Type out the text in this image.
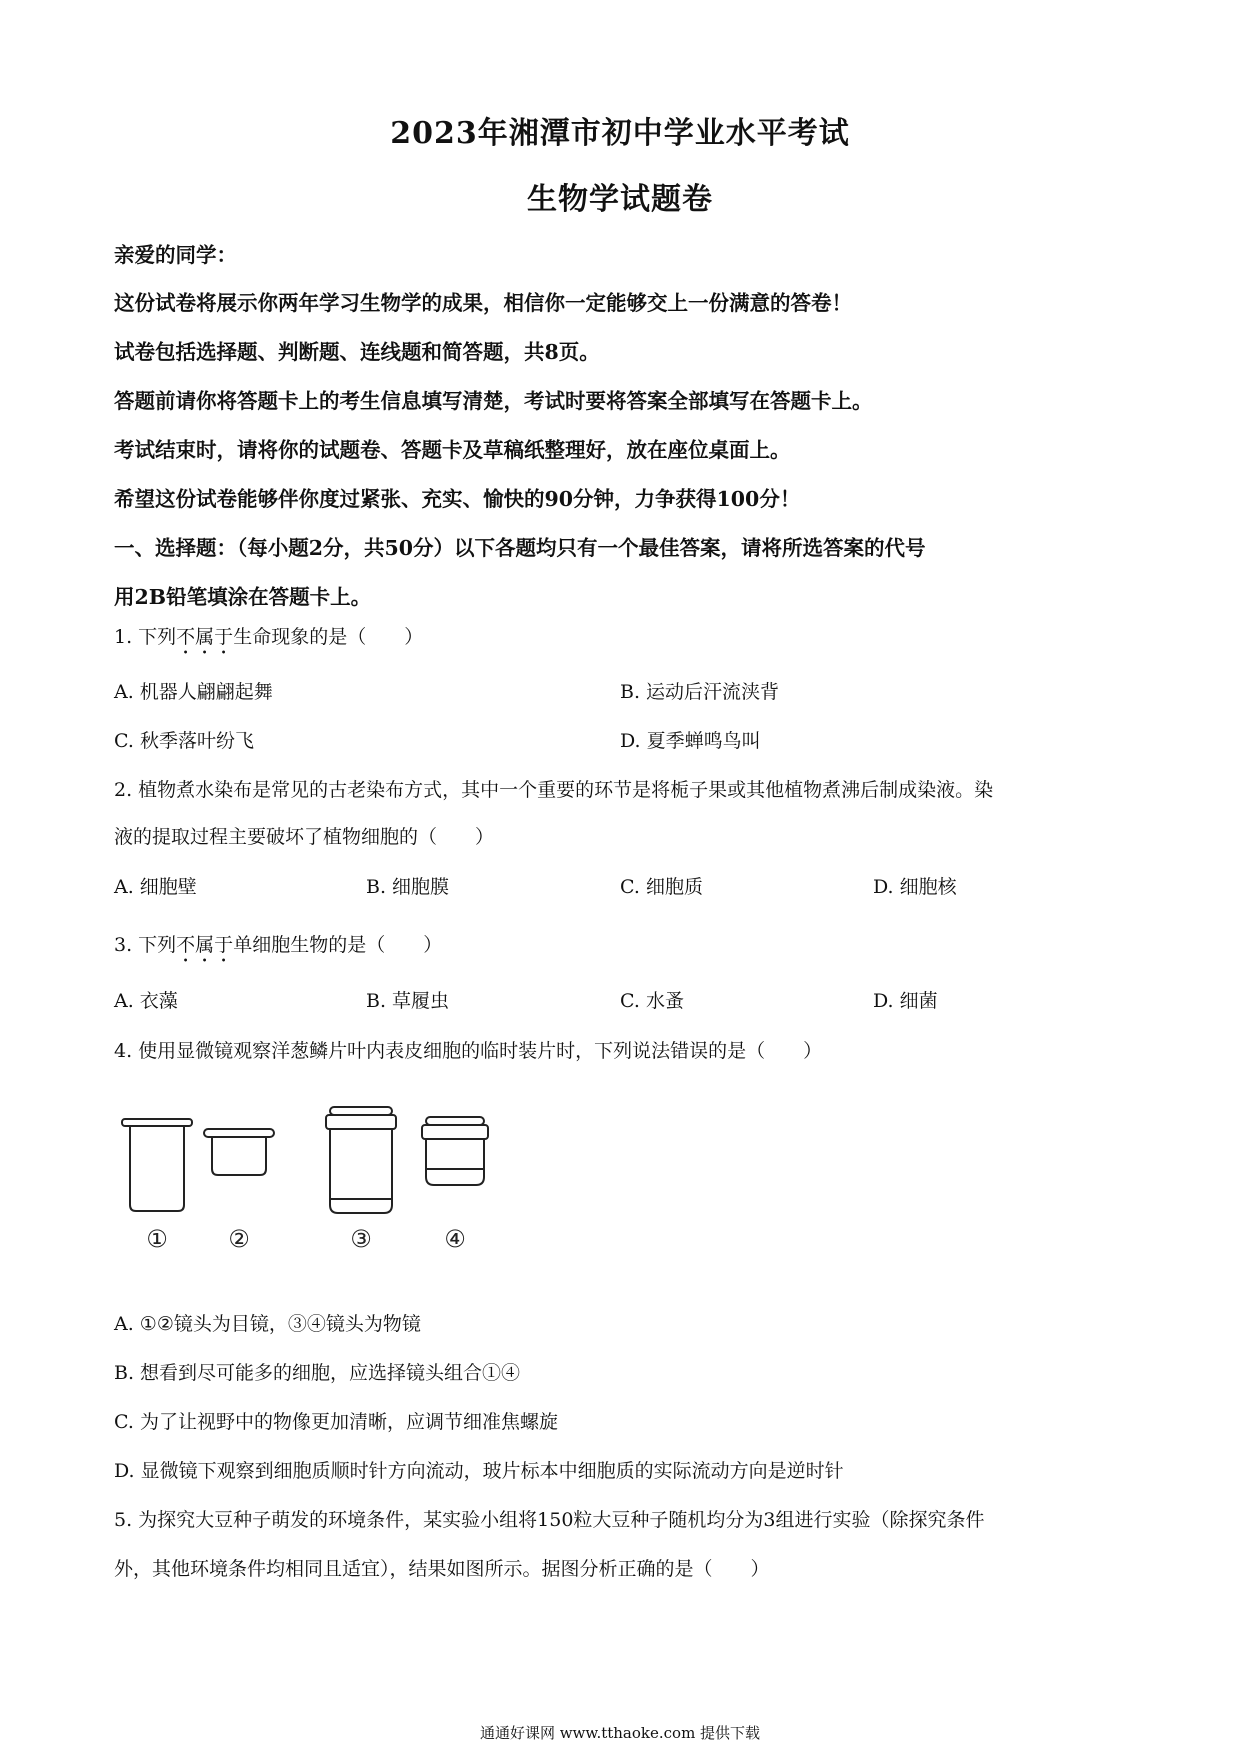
2023年湘潭市初中学业水平考试
生物学试题卷
亲爱的同学：
这份试卷将展示你两年学习生物学的成果，相信你一定能够交上一份满意的答卷！
试卷包括选择题、判断题、连线题和简答题，共8页。
答题前请你将答题卡上的考生信息填写清楚，考试时要将答案全部填写在答题卡上。
考试结束时，请将你的试题卷、答题卡及草稿纸整理好，放在座位桌面上。
希望这份试卷能够伴你度过紧张、充实、愉快的90分钟，力争获得100分！
一、选择题：（每小题2分，共50分）以下各题均只有一个最佳答案，请将所选答案的代号
用2B铅笔填涂在答题卡上。
1. 下列不属于生命现象的是（　　）
A. 机器人翩翩起舞	B. 运动后汗流浃背
C. 秋季落叶纷飞	D. 夏季蝉鸣鸟叫
2. 植物煮水染布是常见的古老染布方式，其中一个重要的环节是将栀子果或其他植物煮沸后制成染液。染
液的提取过程主要破坏了植物细胞的（　　）
A. 细胞壁	B. 细胞膜	C. 细胞质	D. 细胞核
3. 下列不属于单细胞生物的是（　　）
A. 衣藻	B. 草履虫	C. 水蚤	D. 细菌
4. 使用显微镜观察洋葱鳞片叶内表皮细胞的临时装片时，下列说法错误的是（　　）
①	②	③	④
A. ①②镜头为目镜，③④镜头为物镜
B. 想看到尽可能多的细胞，应选择镜头组合①④
C. 为了让视野中的物像更加清晰，应调节细准焦螺旋
D. 显微镜下观察到细胞质顺时针方向流动，玻片标本中细胞质的实际流动方向是逆时针
5. 为探究大豆种子萌发的环境条件，某实验小组将150粒大豆种子随机均分为3组进行实验（除探究条件
外，其他环境条件均相同且适宜），结果如图所示。据图分析正确的是（　　）
通通好课网 www.tthaoke.com 提供下载
